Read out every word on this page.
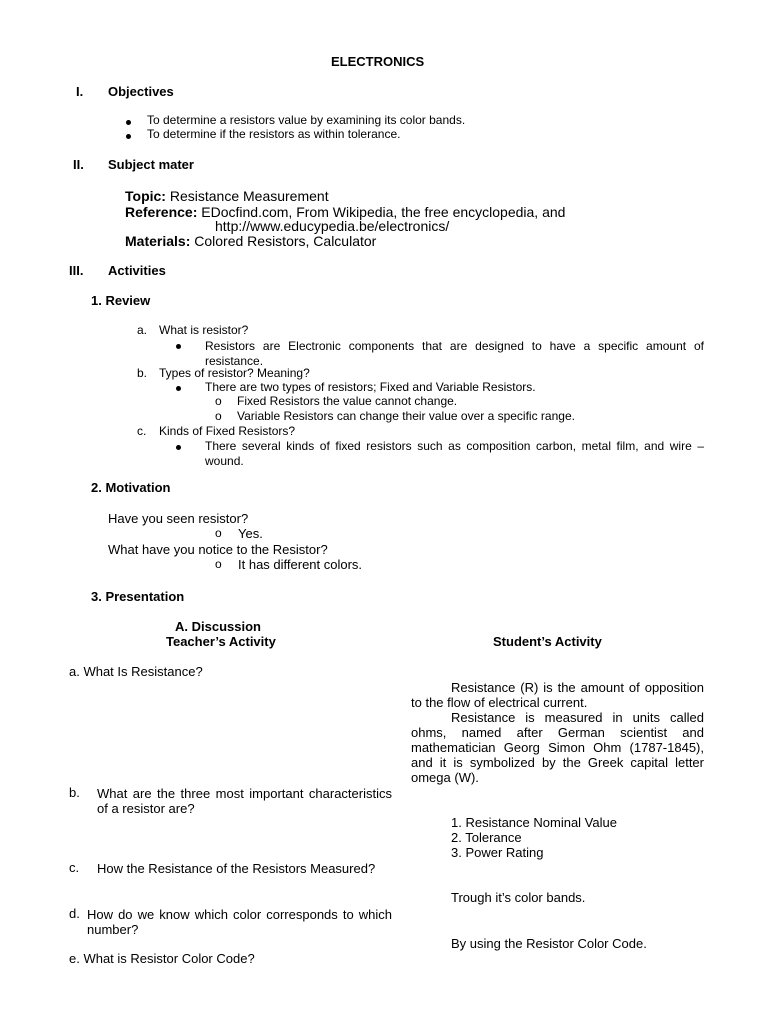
ELECTRONICS
I. Objectives
To determine a resistors value by examining its color bands.
To determine if the resistors as within tolerance.
II. Subject mater
Topic: Resistance Measurement
Reference: EDocfind.com, From Wikipedia, the free encyclopedia, and
http://www.educypedia.be/electronics/
Materials: Colored Resistors, Calculator
III. Activities
1. Review
a. What is resistor?
Resistors are Electronic components that are designed to have a specific amount of resistance.
b. Types of resistor? Meaning?
There are two types of resistors; Fixed and Variable Resistors.
o Fixed Resistors the value cannot change.
o Variable Resistors can change their value over a specific range.
c. Kinds of Fixed Resistors?
There several kinds of fixed resistors such as composition carbon, metal film, and wire – wound.
2. Motivation
Have you seen resistor?
o Yes.
What have you notice to the Resistor?
o It has different colors.
3. Presentation
A. Discussion
Teacher’s Activity	Student’s Activity
a. What Is Resistance?
b. What are the three most important characteristics of a resistor are?
c. How the Resistance of the Resistors Measured?
d. How do we know which color corresponds to which number?
e. What is Resistor Color Code?
Resistance (R) is the amount of opposition to the flow of electrical current.
Resistance is measured in units called ohms, named after German scientist and mathematician Georg Simon Ohm (1787-1845), and it is symbolized by the Greek capital letter omega (W).
1. Resistance Nominal Value
2. Tolerance
3. Power Rating
Trough it’s color bands.
By using the Resistor Color Code.
